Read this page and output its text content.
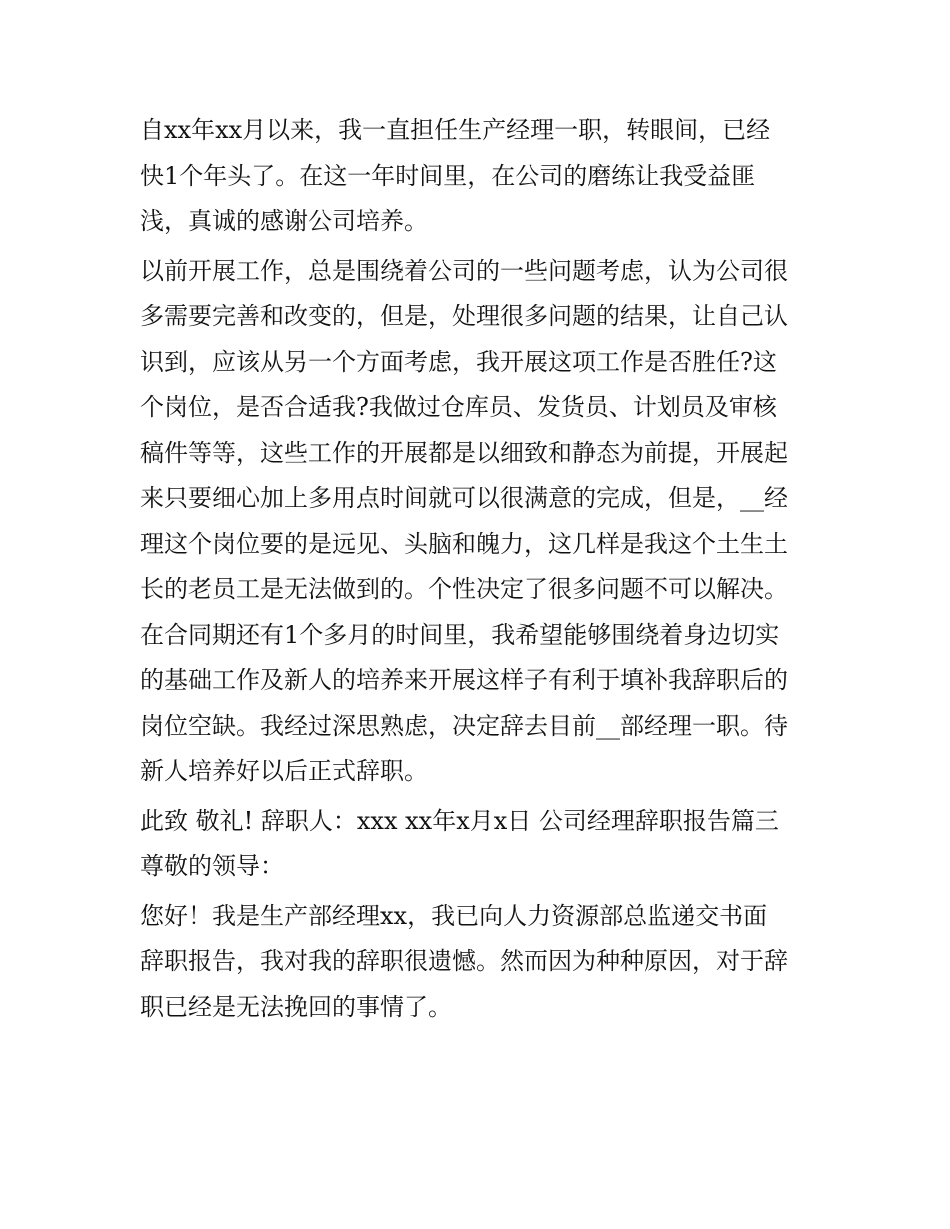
自xx年xx月以来，我一直担任生产经理一职，转眼间，已经
快1个年头了。在这一年时间里，在公司的磨练让我受益匪
浅，真诚的感谢公司培养。
以前开展工作，总是围绕着公司的一些问题考虑，认为公司很
多需要完善和改变的，但是，处理很多问题的结果，让自己认
识到，应该从另一个方面考虑，我开展这项工作是否胜任?这
个岗位，是否合适我?我做过仓库员、发货员、计划员及审核
稿件等等，这些工作的开展都是以细致和静态为前提，开展起
来只要细心加上多用点时间就可以很满意的完成，但是，__经
理这个岗位要的是远见、头脑和魄力，这几样是我这个土生土
长的老员工是无法做到的。个性决定了很多问题不可以解决。
在合同期还有1个多月的时间里，我希望能够围绕着身边切实
的基础工作及新人的培养来开展这样子有利于填补我辞职后的
岗位空缺。我经过深思熟虑，决定辞去目前__部经理一职。待
新人培养好以后正式辞职。
此致 敬礼! 辞职人：xxx xx年x月x日 公司经理辞职报告篇三
尊敬的领导：
您好！我是生产部经理xx，我已向人力资源部总监递交书面
辞职报告，我对我的辞职很遗憾。然而因为种种原因，对于辞
职已经是无法挽回的事情了。
